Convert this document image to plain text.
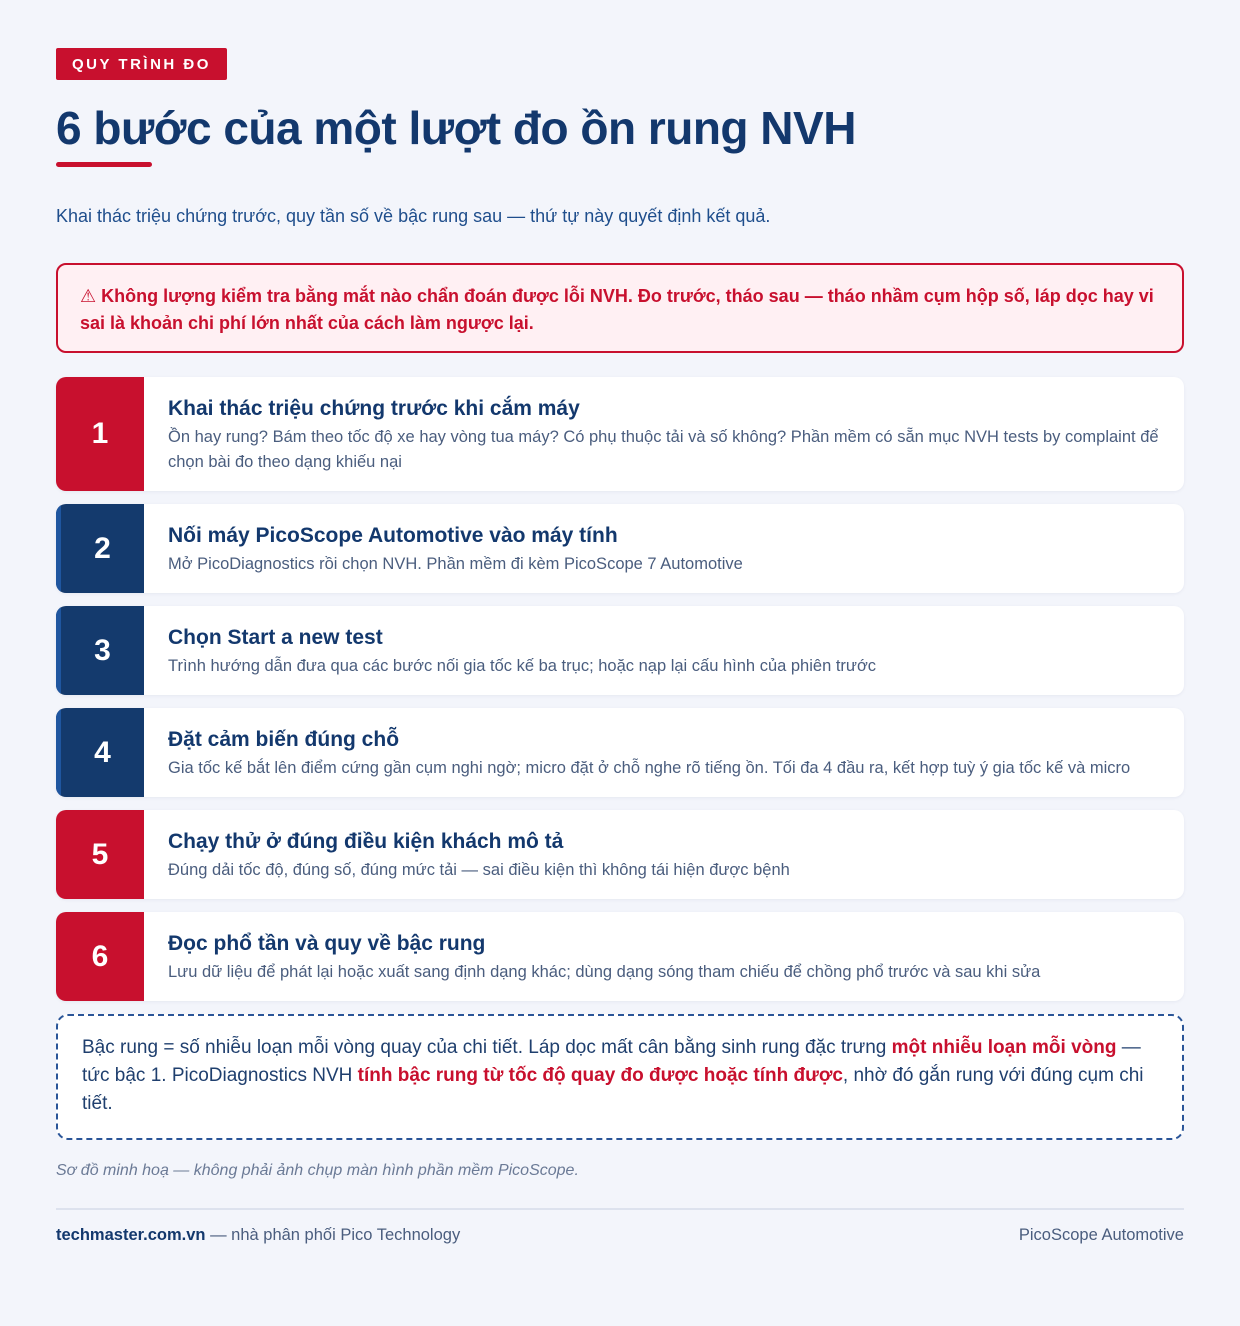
QUY TRÌNH ĐO
6 bước của một lượt đo ồn rung NVH
Khai thác triệu chứng trước, quy tần số về bậc rung sau — thứ tự này quyết định kết quả.
⚠ Không lượng kiểm tra bằng mắt nào chẩn đoán được lỗi NVH. Đo trước, tháo sau — tháo nhầm cụm hộp số, láp dọc hay vi sai là khoản chi phí lớn nhất của cách làm ngược lại.
1
Khai thác triệu chứng trước khi cắm máy
Ồn hay rung? Bám theo tốc độ xe hay vòng tua máy? Có phụ thuộc tải và số không? Phần mềm có sẵn mục NVH tests by complaint để chọn bài đo theo dạng khiếu nại
2	Nối máy PicoScope Automotive vào máy tính
Mở PicoDiagnostics rồi chọn NVH. Phần mềm đi kèm PicoScope 7 Automotive
3	Chọn Start a new test
Trình hướng dẫn đưa qua các bước nối gia tốc kế ba trục; hoặc nạp lại cấu hình của phiên trước
4	Đặt cảm biến đúng chỗ
Gia tốc kế bắt lên điểm cứng gần cụm nghi ngờ; micro đặt ở chỗ nghe rõ tiếng ồn. Tối đa 4 đầu ra, kết hợp tuỳ ý gia tốc kế và micro
5	Chạy thử ở đúng điều kiện khách mô tả
Đúng dải tốc độ, đúng số, đúng mức tải — sai điều kiện thì không tái hiện được bệnh
6	Đọc phổ tần và quy về bậc rung
Lưu dữ liệu để phát lại hoặc xuất sang định dạng khác; dùng dạng sóng tham chiếu để chồng phổ trước và sau khi sửa
Bậc rung = số nhiễu loạn mỗi vòng quay của chi tiết. Láp dọc mất cân bằng sinh rung đặc trưng một nhiễu loạn mỗi vòng — tức bậc 1. PicoDiagnostics NVH tính bậc rung từ tốc độ quay đo được hoặc tính được, nhờ đó gắn rung với đúng cụm chi tiết.
Sơ đồ minh hoạ — không phải ảnh chụp màn hình phần mềm PicoScope.
techmaster.com.vn — nhà phân phối Pico Technology	PicoScope Automotive
